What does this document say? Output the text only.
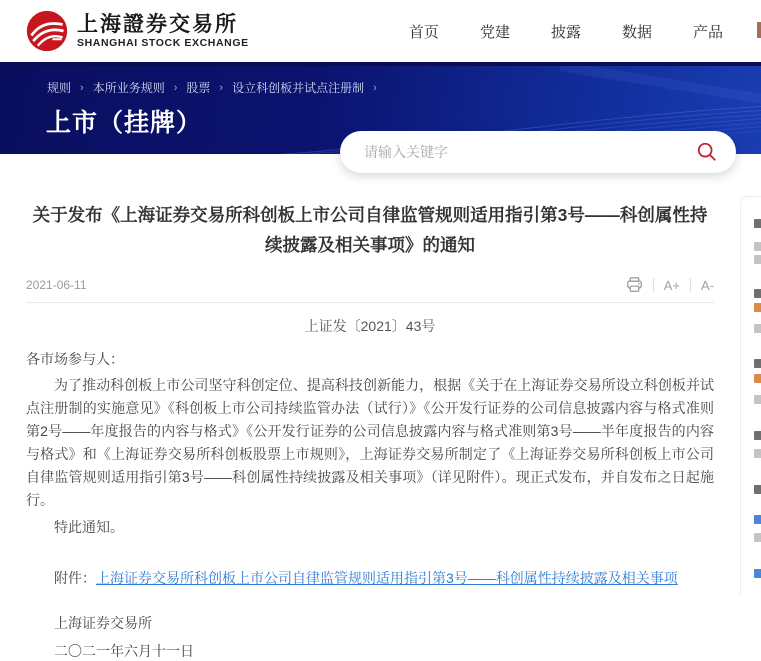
上海證券交易所
SHANGHAI STOCK EXCHANGE
首页	党建	披露	数据	产品
规则 › 本所业务规则 › 股票 › 设立科创板并试点注册制 ›
上市（挂牌）
请输入关键字
关于发布《上海证券交易所科创板上市公司自律监管规则适用指引第3号——科创属性持续披露及相关事项》的通知
2021-06-11	A+ A-
上证发〔2021〕43号

各市场参与人：

为了推动科创板上市公司坚守科创定位、提高科技创新能力，根据《关于在上海证券交易所设立科创板并试点注册制的实施意见》《科创板上市公司持续监管办法（试行）》《公开发行证券的公司信息披露内容与格式准则第2号——年度报告的内容与格式》《公开发行证券的公司信息披露内容与格式准则第3号——半年度报告的内容与格式》和《上海证券交易所科创板股票上市规则》，上海证券交易所制定了《上海证券交易所科创板上市公司自律监管规则适用指引第3号——科创属性持续披露及相关事项》（详见附件）。现正式发布，并自发布之日起施行。

特此通知。

附件：上海证券交易所科创板上市公司自律监管规则适用指引第3号——科创属性持续披露及相关事项

上海证券交易所

二〇二一年六月十一日
